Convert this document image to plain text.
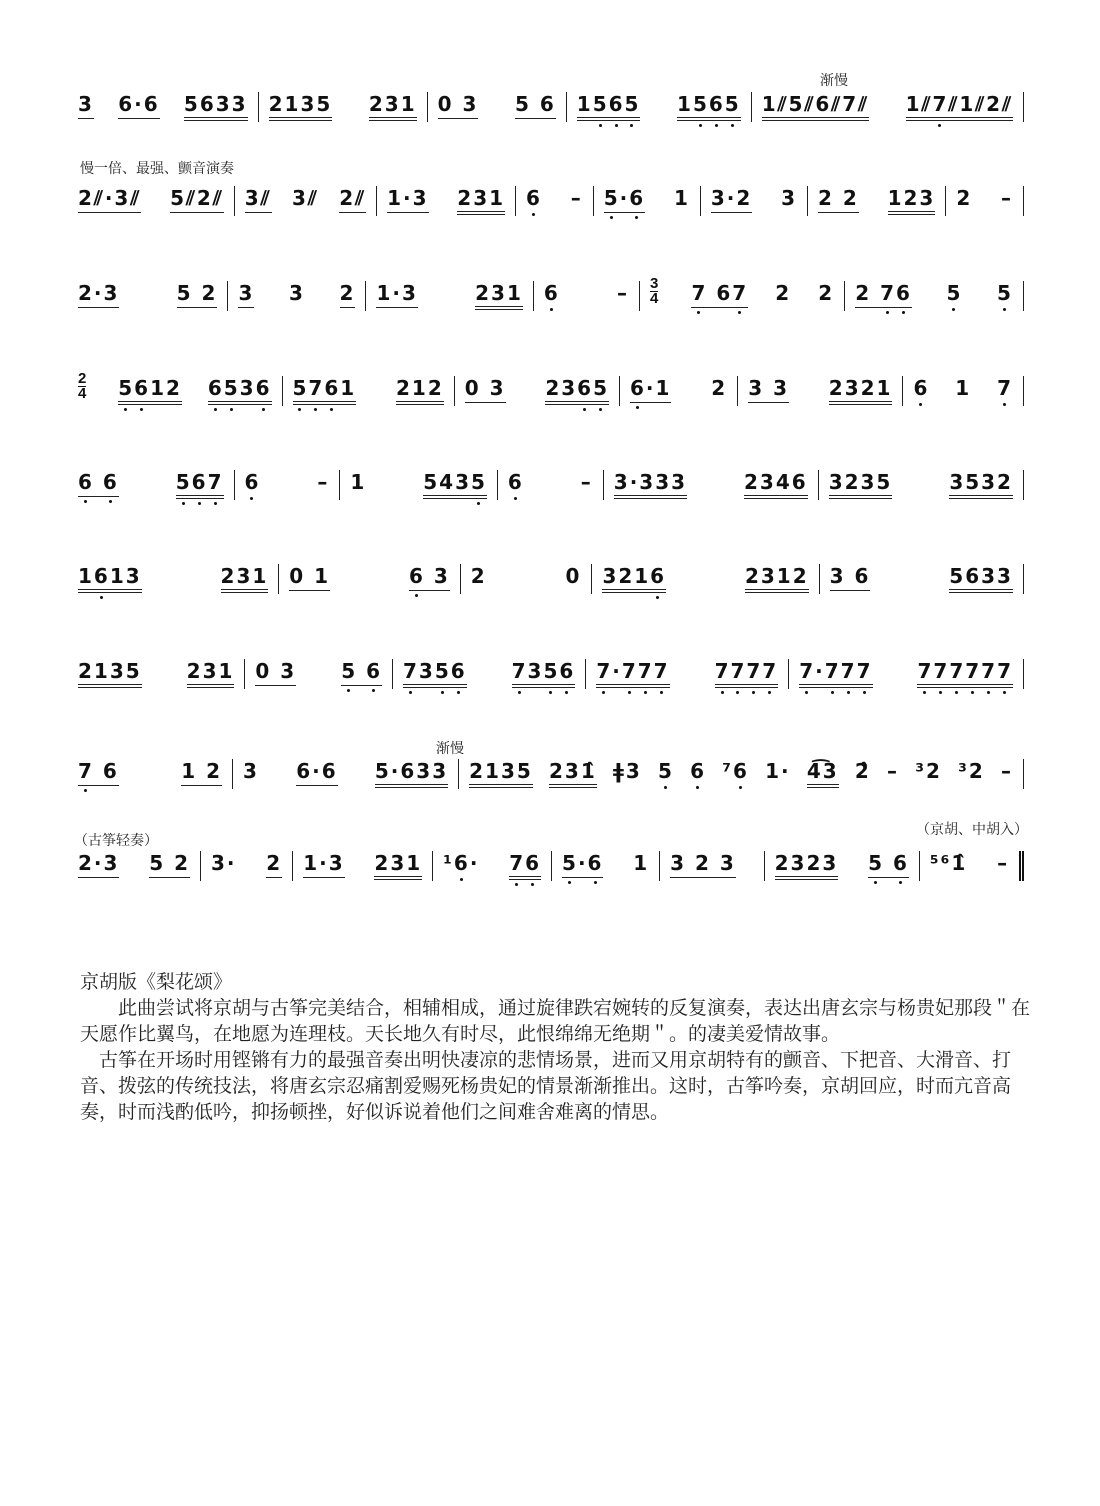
3 6·6 5633 2135 231 0 3 5 6 1565 1565 1⫽5⫽6⫽7⫽ 1⫽7⫽1⫽2⫽
2⫽·3⫽ 5⫽2⫽ 3⫽ 3⫽ 2⫽ 1·3 231 6 – 5·6 1 3·2 3 2 2 123 2 –
2·3	5 2 3 3 2 1·3	231 6	– 3
4 7 67 2 2 2 76 5 5
2
4 5612 6536 5761 212 0 3 2365 6·1 2 3 3 2321 6 1 7
6 6	567 6	– 1	5435 6	– 3·333	2346 3235	3532
1613	231 0 1	6 3 2	0 3216	2312 3 6	5633
2135 231 0 3 5 6 7356 7356 7·777 7777 7·777 777777
7 6	1 2 3 6·6 5·633 2135 231̂ ǂ3 5 6 ⁷6 1· 4͡3 2̂ – ³2 ³2 –
2·3 5 2 3· 2 1·3 231 ¹6· 76 5·6 1 3 2 3 2323 5 6 ⁵⁶1̂ –
渐慢
慢一倍、最强、颤音演奏
渐慢
（古筝轻奏）
（京胡、中胡入）

京胡版《梨花颂》

　　此曲尝试将京胡与古筝完美结合，相辅相成，通过旋律跌宕婉转的反复演奏，表达出唐玄宗与杨贵妃那段＂在天愿作比翼鸟，在地愿为连理枝。天长地久有时尽，此恨绵绵无绝期＂。的凄美爱情故事。

　古筝在开场时用铿锵有力的最强音奏出明快凄凉的悲情场景，进而又用京胡特有的颤音、下把音、大滑音、打音、拨弦的传统技法，将唐玄宗忍痛割爱赐死杨贵妃的情景渐渐推出。这时，古筝吟奏，京胡回应，时而亢音高奏，时而浅酌低吟，抑扬顿挫，好似诉说着他们之间难舍难离的情思。
